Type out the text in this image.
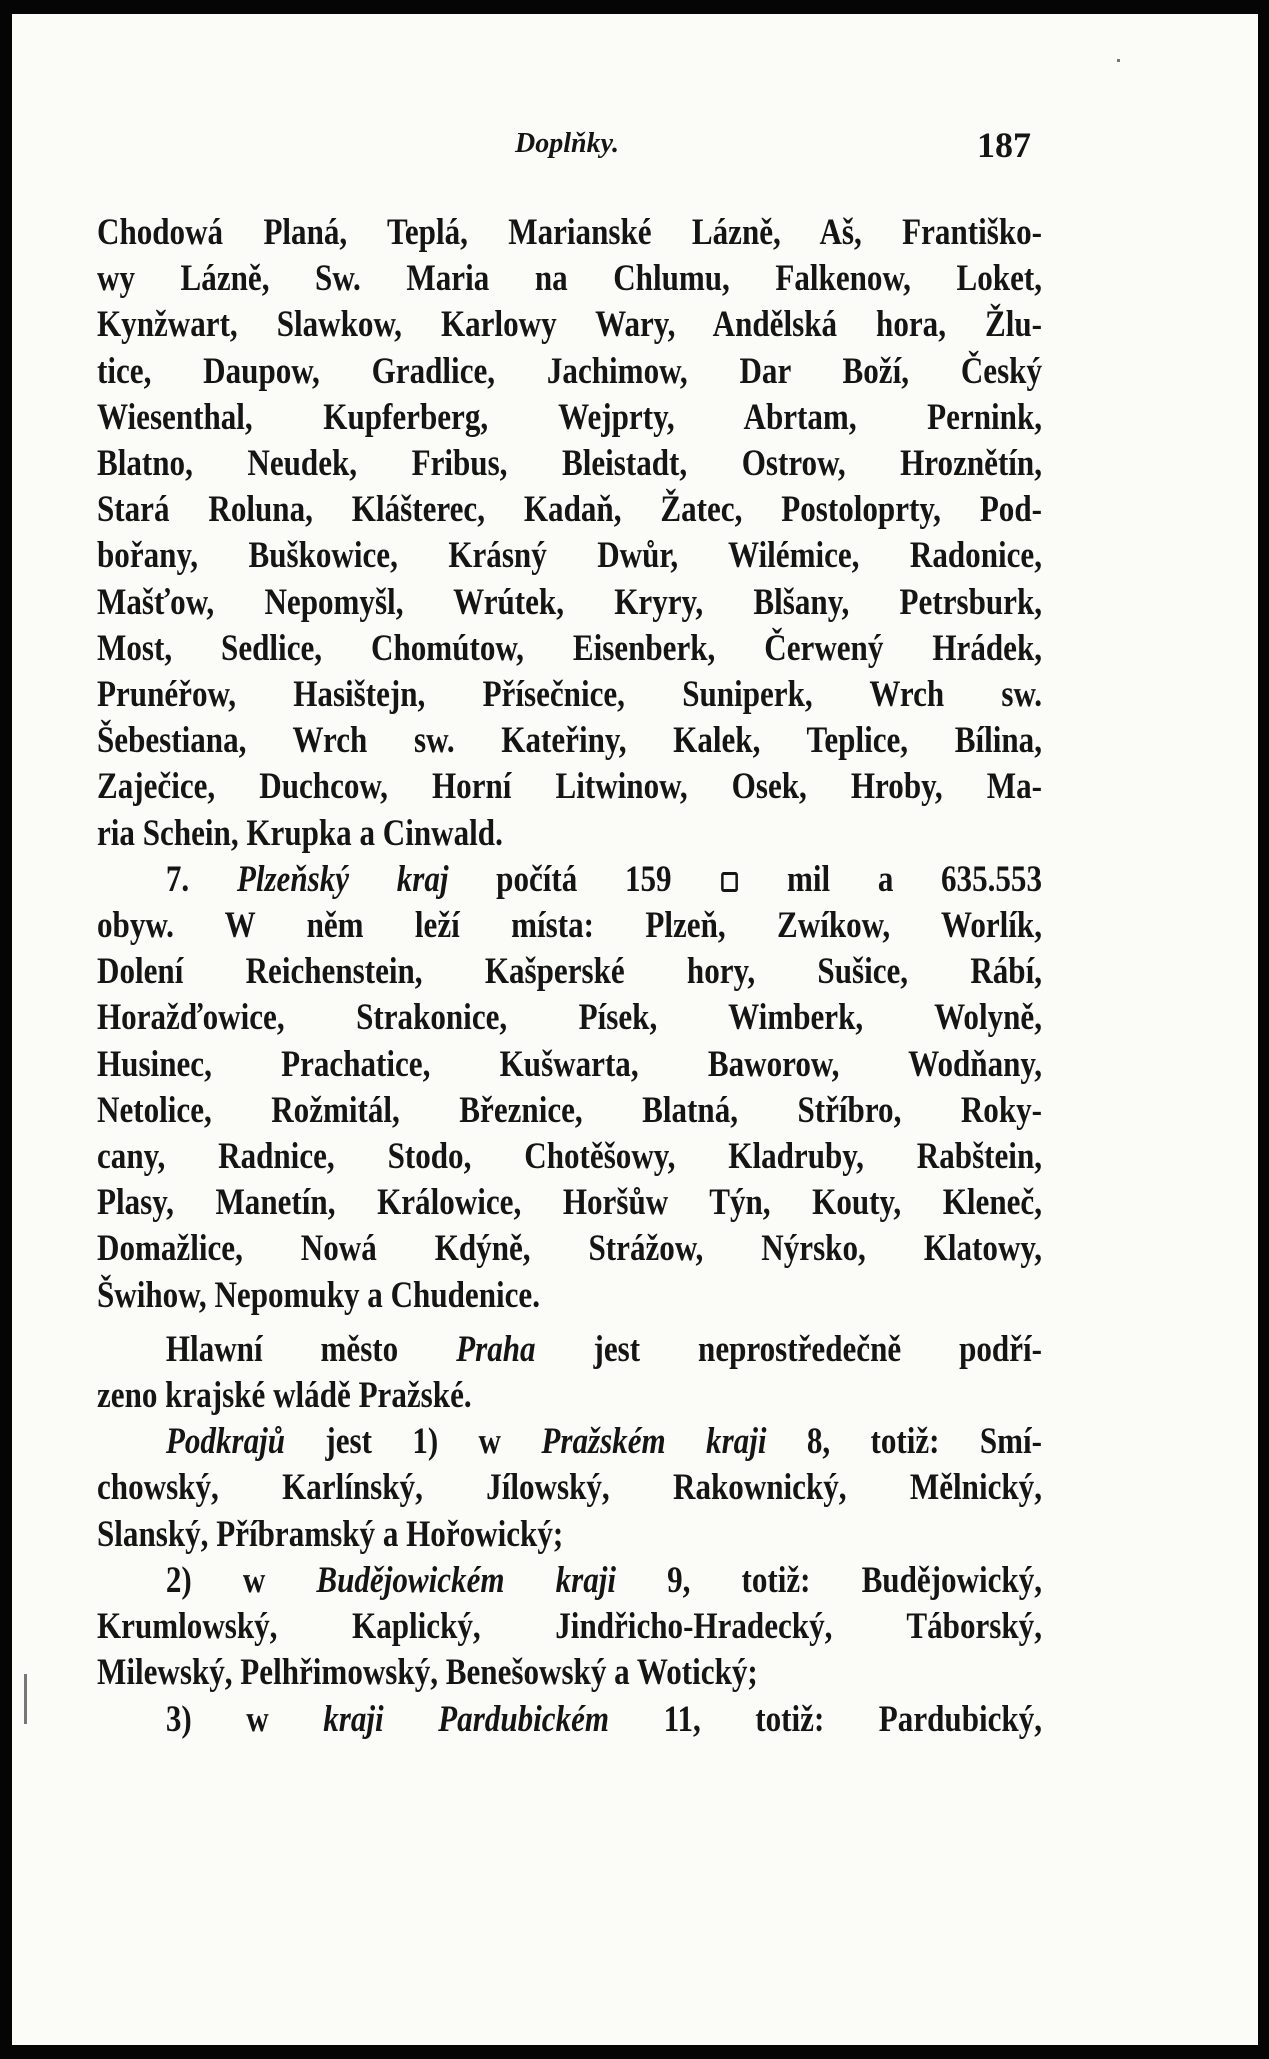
Doplňky.	187
Chodowá Planá, Teplá, Marianské Lázně, Aš, Františko-
wy Lázně, Sw. Maria na Chlumu, Falkenow, Loket,
Kynžwart, Slawkow, Karlowy Wary, Andělská hora, Žlu-
tice, Daupow, Gradlice, Jachimow, Dar Boží, Český
Wiesenthal, Kupferberg, Wejprty, Abrtam, Pernink,
Blatno, Neudek, Fribus, Bleistadt, Ostrow, Hroznětín,
Stará Roluna, Klášterec, Kadaň, Žatec, Postoloprty, Pod-
bořany, Buškowice, Krásný Dwůr, Wilémice, Radonice,
Mašťow, Nepomyšl, Wrútek, Kryry, Blšany, Petrsburk,
Most, Sedlice, Chomútow, Eisenberk, Čerwený Hrádek,
Prunéřow, Hasištejn, Přísečnice, Suniperk, Wrch sw.
Šebestiana, Wrch sw. Kateřiny, Kalek, Teplice, Bílina,
Zaječice, Duchcow, Horní Litwinow, Osek, Hroby, Ma-
ria Schein, Krupka a Cinwald.
7. Plzeňský kraj počítá 159	mil a 635.553
obyw. W něm leží místa: Plzeň, Zwíkow, Worlík,
Dolení Reichenstein, Kašperské hory, Sušice, Rábí,
Horažďowice, Strakonice, Písek, Wimberk, Wolyně,
Husinec, Prachatice, Kušwarta, Baworow, Wodňany,
Netolice, Rožmitál, Březnice, Blatná, Stříbro, Roky-
cany, Radnice, Stodo, Chotěšowy, Kladruby, Rabštein,
Plasy, Manetín, Králowice, Horšůw Týn, Kouty, Kleneč,
Domažlice, Nowá Kdýně, Strážow, Nýrsko, Klatowy,
Šwihow, Nepomuky a Chudenice.
Hlawní město Praha jest neprostředečně podří-
zeno krajské wládě Pražské.
Podkrajů jest 1) w Pražském kraji 8, totiž: Smí-
chowský, Karlínský, Jílowský, Rakownický, Mělnický,
Slanský, Příbramský a Hořowický;
2) w Budějowickém kraji 9, totiž: Budějowický,
Krumlowský, Kaplický, Jindřicho-Hradecký, Táborský,
Milewský, Pelhřimowský, Benešowský a Wotický;
3) w kraji Pardubickém 11, totiž: Pardubický,
